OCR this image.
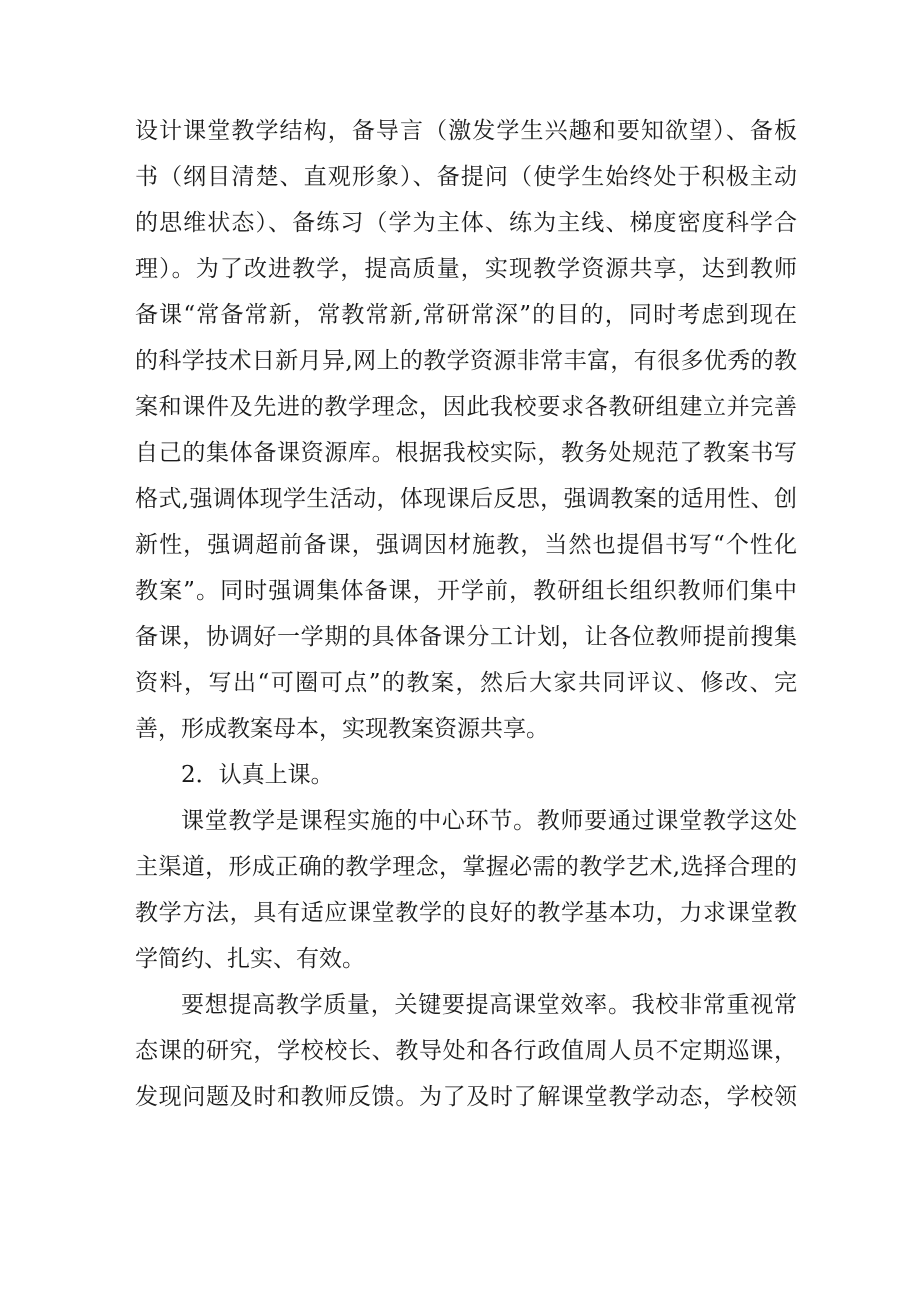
设计课堂教学结构，备导言（激发学生兴趣和要知欲望）、备板
书（纲目清楚、直观形象）、备提问（使学生始终处于积极主动
的思维状态）、备练习（学为主体、练为主线、梯度密度科学合
理）。为了改进教学，提高质量，实现教学资源共享，达到教师
备课“常备常新，常教常新,常研常深”的目的，同时考虑到现在
的科学技术日新月异,网上的教学资源非常丰富，有很多优秀的教
案和课件及先进的教学理念，因此我校要求各教研组建立并完善
自己的集体备课资源库。根据我校实际，教务处规范了教案书写
格式,强调体现学生活动，体现课后反思，强调教案的适用性、创
新性，强调超前备课，强调因材施教，当然也提倡书写“个性化
教案”。同时强调集体备课，开学前，教研组长组织教师们集中
备课，协调好一学期的具体备课分工计划，让各位教师提前搜集
资料，写出“可圈可点”的教案，然后大家共同评议、修改、完
善，形成教案母本，实现教案资源共享。
2．认真上课。
课堂教学是课程实施的中心环节。教师要通过课堂教学这处
主渠道，形成正确的教学理念，掌握必需的教学艺术,选择合理的
教学方法，具有适应课堂教学的良好的教学基本功，力求课堂教
学简约、扎实、有效。
要想提高教学质量，关键要提高课堂效率。我校非常重视常
态课的研究，学校校长、教导处和各行政值周人员不定期巡课，
发现问题及时和教师反馈。为了及时了解课堂教学动态，学校领
